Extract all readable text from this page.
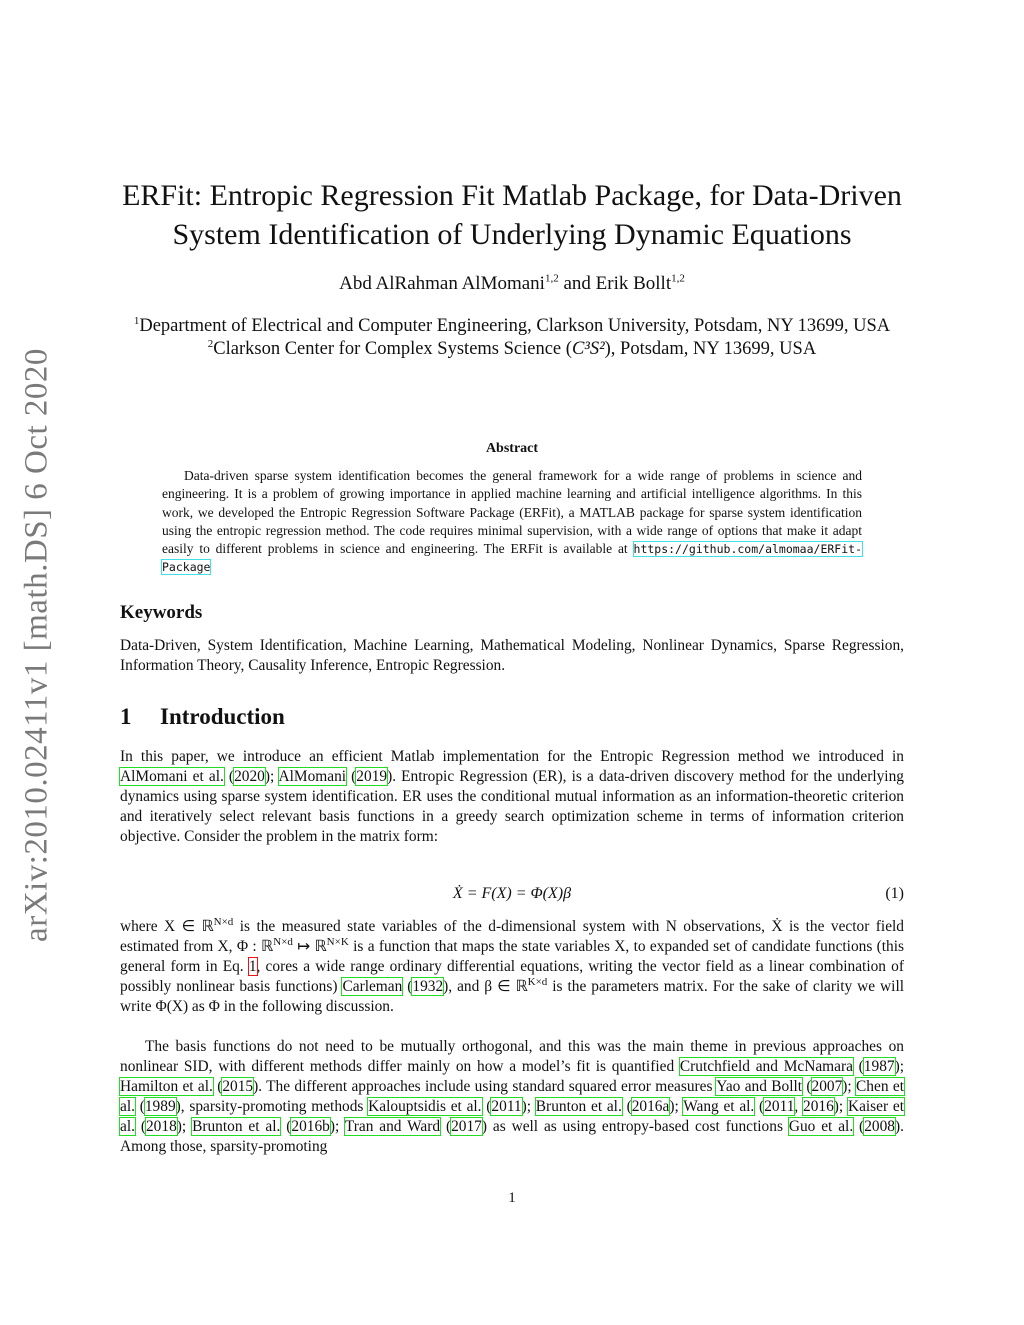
arXiv:2010.02411v1 [math.DS] 6 Oct 2020
ERFit: Entropic Regression Fit Matlab Package, for Data-Driven
System Identification of Underlying Dynamic Equations
Abd AlRahman AlMomani$^{1,2}$ and Erik Bollt$^{1,2}$

$^1$Department of Electrical and Computer Engineering, Clarkson University, Potsdam, NY 13699, USA

$^2$Clarkson Center for Complex Systems Science (C³S²), Potsdam, NY 13699, USA

Abstract

Data-driven sparse system identification becomes the general framework for a wide range of problems in science and engineering. It is a problem of growing importance in applied machine learning and artificial intelligence algorithms. In this work, we developed the Entropic Regression Software Package (ERFit), a MATLAB package for sparse system identification using the entropic regression method. The code requires minimal supervision, with a wide range of options that make it adapt easily to different problems in science and engineering. The ERFit is available at https://github.com/almomaa/ERFit-Package

Keywords

Data-Driven, System Identification, Machine Learning, Mathematical Modeling, Nonlinear Dynamics, Sparse Regression, Information Theory, Causality Inference, Entropic Regression.

1 Introduction

In this paper, we introduce an efficient Matlab implementation for the Entropic Regression method we introduced in AlMomani et al. (2020); AlMomani (2019). Entropic Regression (ER), is a data-driven discovery method for the underlying dynamics using sparse system identification. ER uses the conditional mutual information as an information-theoretic criterion and iteratively select relevant basis functions in a greedy search optimization scheme in terms of information criterion objective. Consider the problem in the matrix form:

Ẋ = F(X) = Φ(X)β	(1)

where X ∈ ℝ$^{N\times d}$ is the measured state variables of the d-dimensional system with N observations, Ẋ is the vector field estimated from X, Φ : ℝ$^{N\times d}$ ↦ ℝ$^{N\times K}$ is a function that maps the state variables X, to expanded set of candidate functions (this general form in Eq. 1, cores a wide range ordinary differential equations, writing the vector field as a linear combination of possibly nonlinear basis functions) Carleman (1932), and β ∈ ℝ$^{K\times d}$ is the parameters matrix. For the sake of clarity we will write Φ(X) as Φ in the following discussion.

The basis functions do not need to be mutually orthogonal, and this was the main theme in previous approaches on nonlinear SID, with different methods differ mainly on how a model’s fit is quantified Crutchfield and McNamara (1987); Hamilton et al. (2015). The different approaches include using standard squared error measures Yao and Bollt (2007); Chen et al. (1989), sparsity-promoting methods Kalouptsidis et al. (2011); Brunton et al. (2016a); Wang et al. (2011, 2016); Kaiser et al. (2018); Brunton et al. (2016b); Tran and Ward (2017) as well as using entropy-based cost functions Guo et al. (2008). Among those, sparsity-promoting

1
